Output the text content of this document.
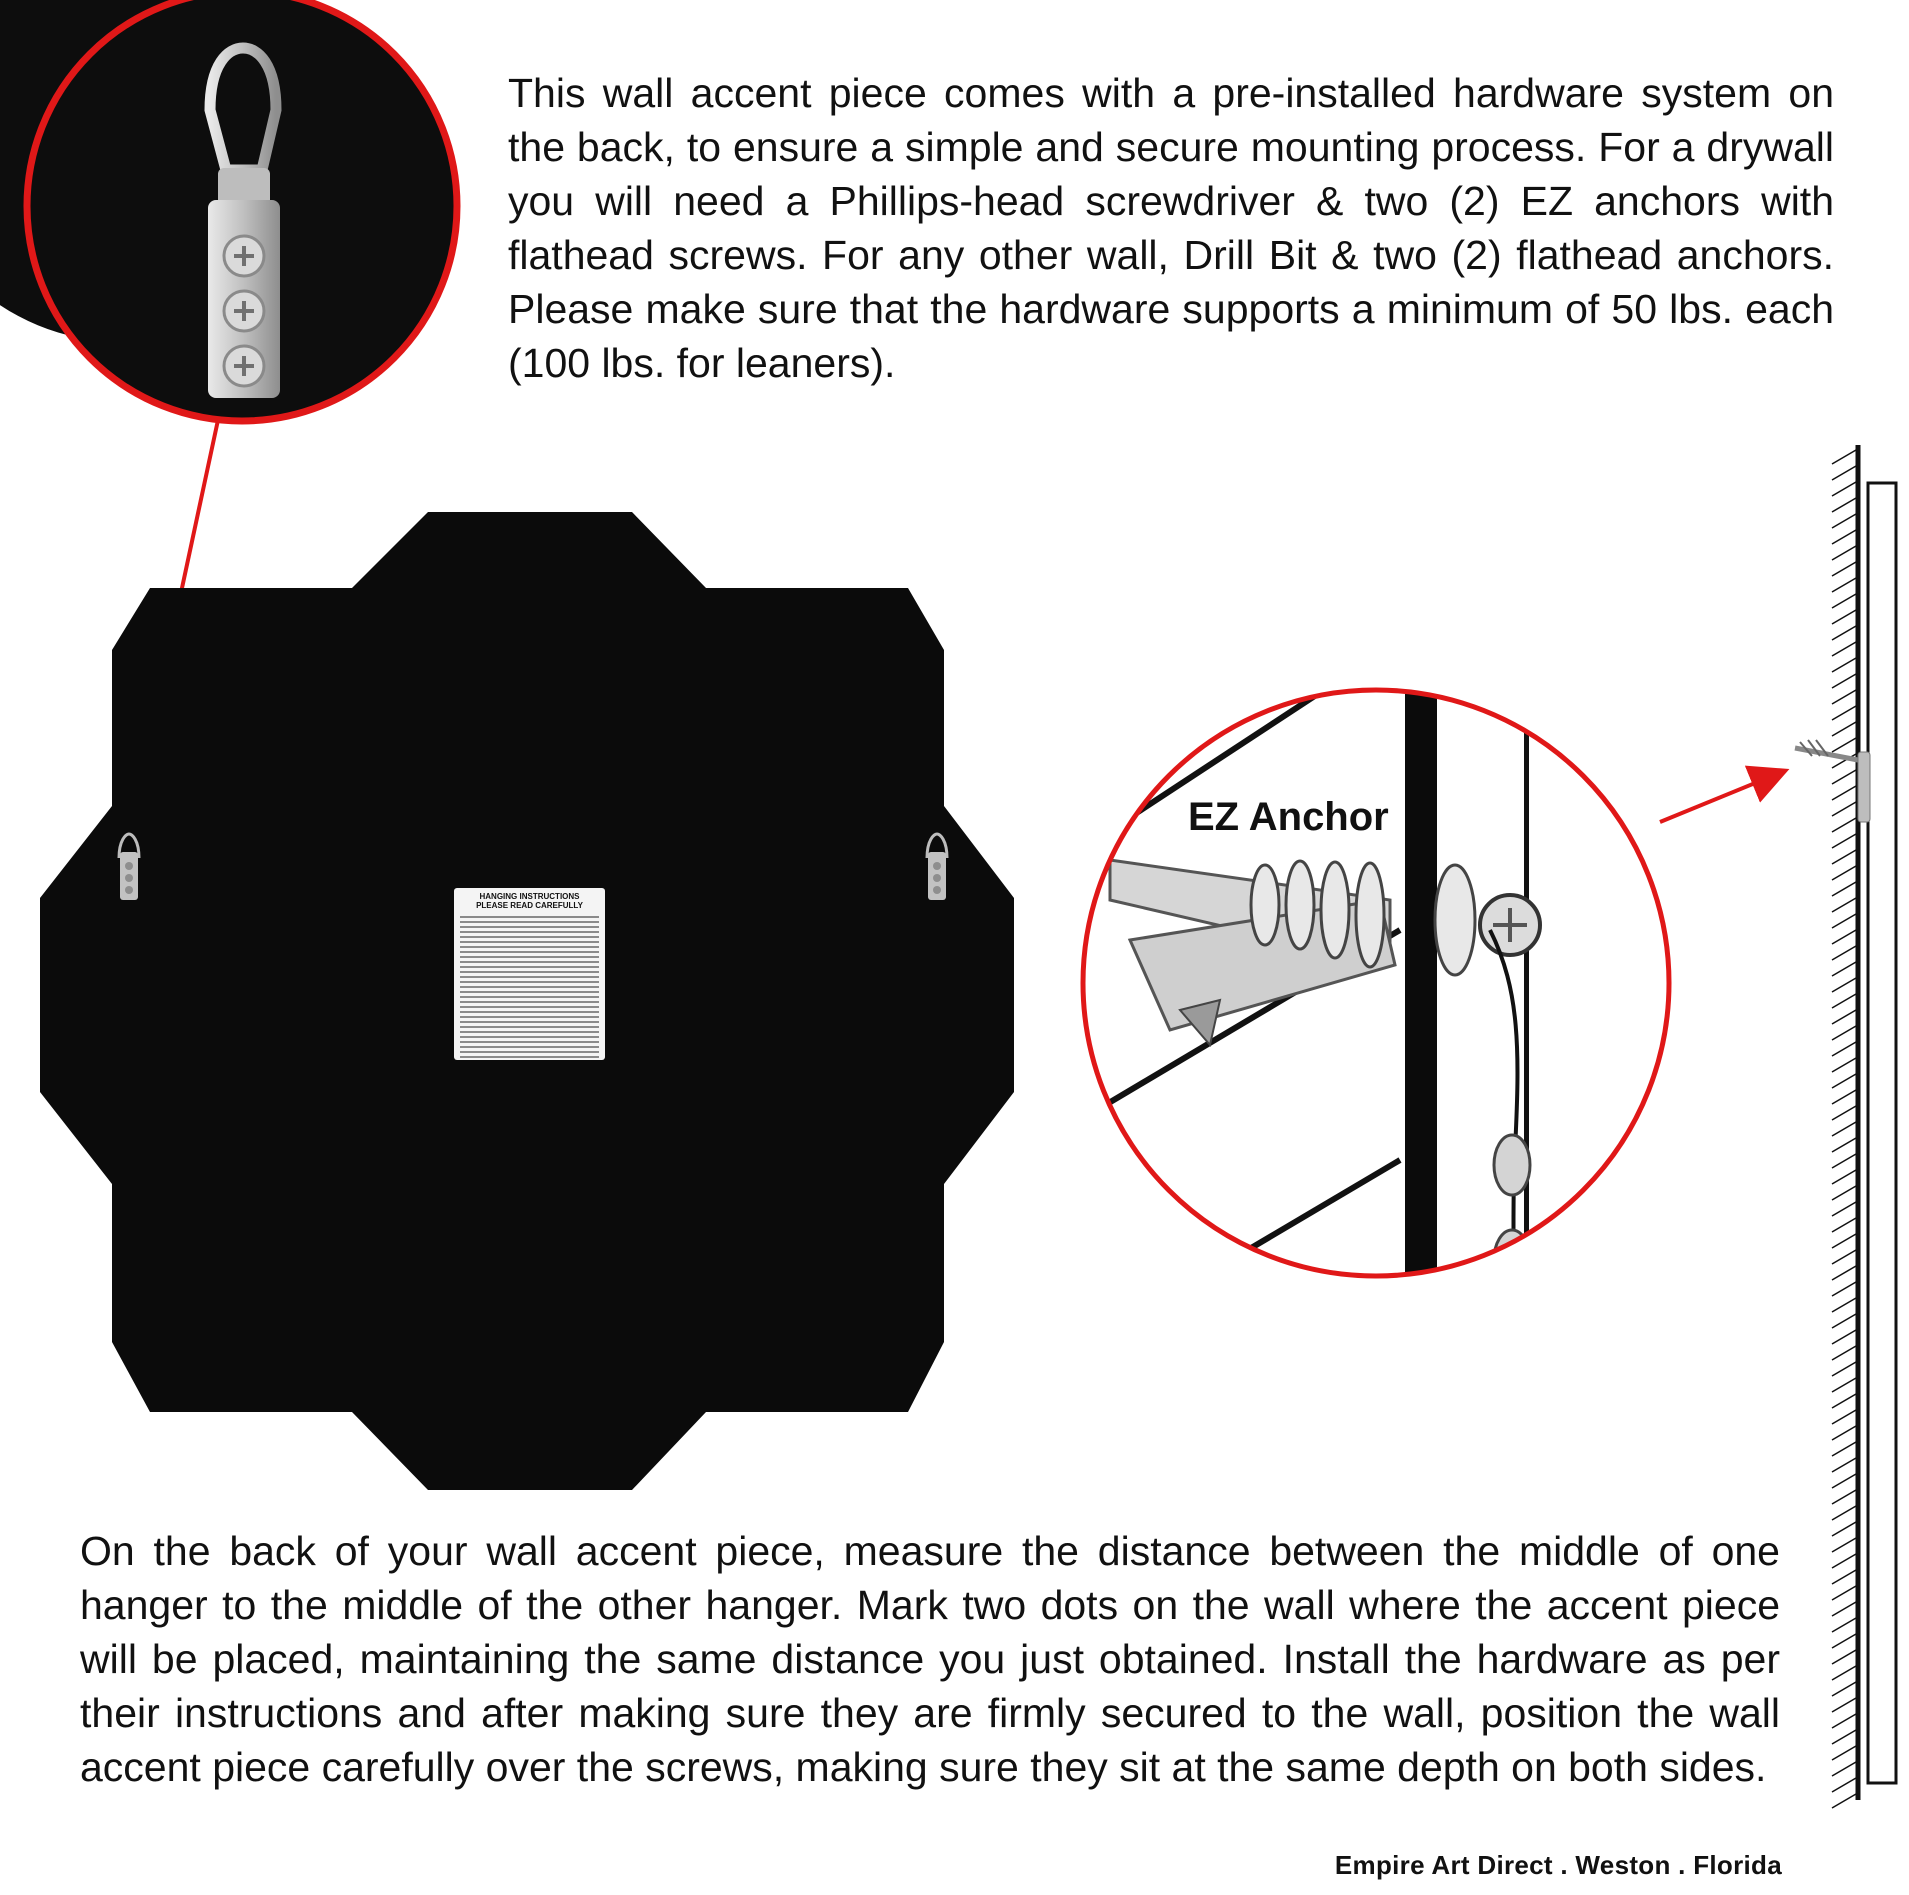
HANGING INSTRUCTIONS
PLEASE READ CAREFULLY
EZ Anchor
This wall accent piece comes with a pre-installed hardware system on the back, to ensure a simple and secure mounting process. For a drywall you will need a Phillips-head screwdriver & two (2) EZ anchors with flathead screws. For any other wall, Drill Bit & two (2) flathead anchors. Please make sure that the hardware supports a minimum of 50 lbs. each (100 lbs. for leaners).
On the back of your wall accent piece, measure the distance between the middle of one hanger to the middle of the other hanger. Mark two dots on the wall where the accent piece will be placed, maintaining the same distance you just obtained. Install the hardware as per their instructions and after making sure they are firmly secured to the wall, position the wall accent piece carefully over the screws, making sure they sit at the same depth on both sides.
Empire Art Direct . Weston . Florida
